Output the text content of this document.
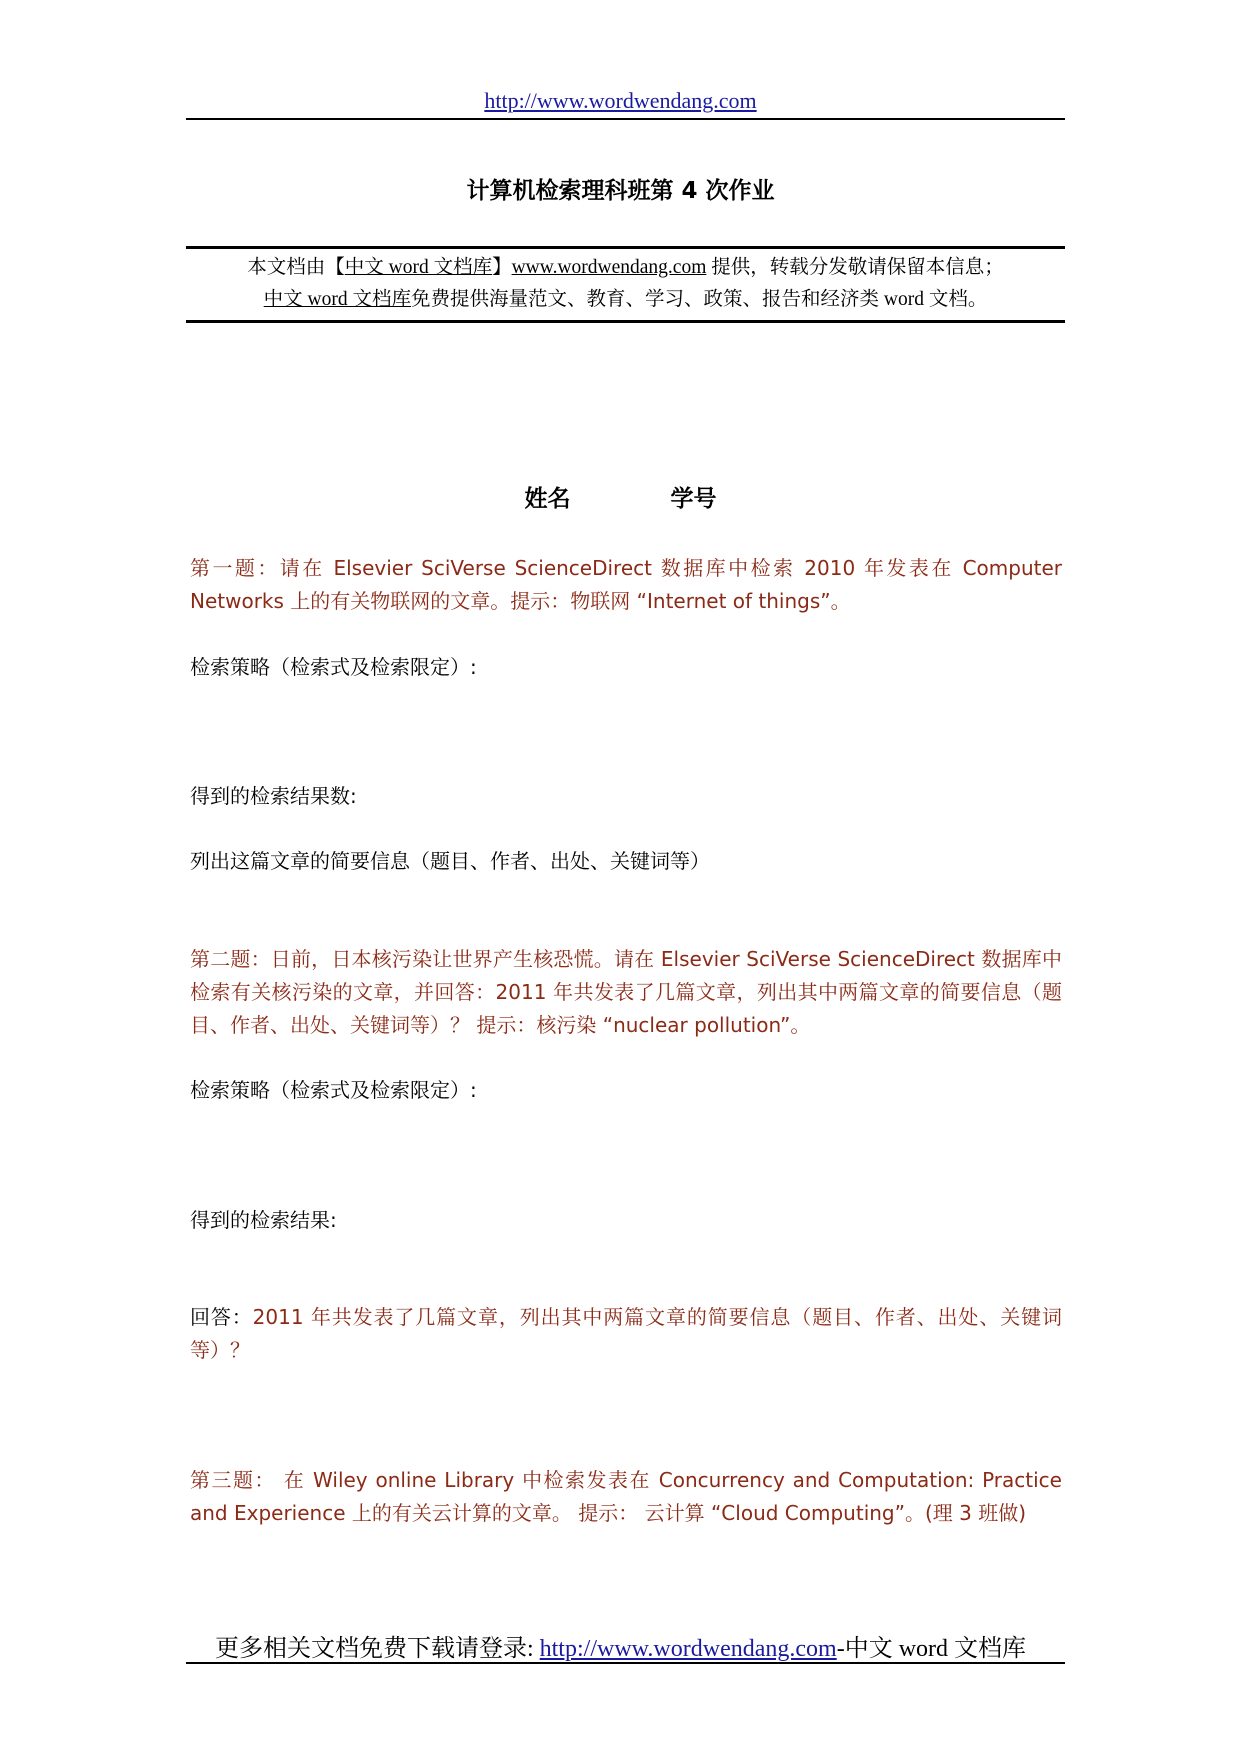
http://www.wordwendang.com
计算机检索理科班第 4 次作业
本文档由【中文 word 文档库】www.wordwendang.com 提供，转载分发敬请保留本信息；
中文 word 文档库免费提供海量范文、教育、学习、政策、报告和经济类 word 文档。
姓名	学号
第一题：请在 Elsevier SciVerse ScienceDirect 数据库中检索 2010 年发表在 Computer Networks 上的有关物联网的文章。提示：物联网 “Internet of things”。
检索策略（检索式及检索限定）:
得到的检索结果数:
列出这篇文章的简要信息（题目、作者、出处、关键词等）
第二题：日前，日本核污染让世界产生核恐慌。请在 Elsevier SciVerse ScienceDirect 数据库中检索有关核污染的文章，并回答：2011 年共发表了几篇文章，列出其中两篇文章的简要信息（题目、作者、出处、关键词等）？ 提示：核污染 “nuclear pollution”。
检索策略（检索式及检索限定）:
得到的检索结果:
回答：2011 年共发表了几篇文章，列出其中两篇文章的简要信息（题目、作者、出处、关键词等）？
第三题： 在 Wiley online Library 中检索发表在 Concurrency and Computation: Practice and Experience 上的有关云计算的文章。 提示： 云计算 “Cloud Computing”。(理 3 班做)
更多相关文档免费下载请登录: http://www.wordwendang.com-中文 word 文档库
